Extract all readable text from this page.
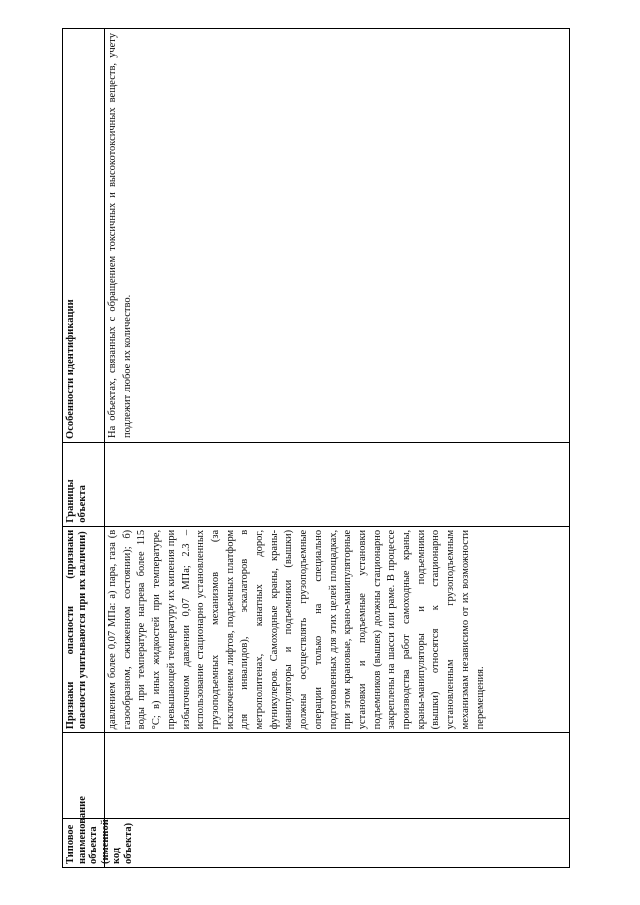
Типовое наименование объекта (именной код объекта)
Признаки опасности (признаки опасности учитываются при их наличии)
Границы объекта
Особенности идентификации
давлением более 0,07 МПа: а) пара, газа (в газообразном, сжиженном состоянии); б) воды при температуре нагрева более 115 °С; в) иных жидкостей при температуре, превышающей температуру их кипения при избыточном давлении 0,07 МПа; 2.3 – использование стационарно установленных грузоподъемных механизмов (за исключением лифтов, подъемных платформ для инвалидов), эскалаторов в метрополитенах, канатных дорог, фуникулеров. Самоходные краны, краны-манипуляторы и подъемники (вышки) должны осуществлять грузоподъемные операции только на специально подготовленных для этих целей площадках, при этом крановые, крано-манипуляторные установки и подъемные установки подъемников (вышек) должны стационарно закреплены на шасси или раме. В процессе производства работ самоходные краны, краны-манипуляторы и подъемники (вышки) относятся к стационарно установленным грузоподъемным механизмам независимо от их возможности перемещения.
На объектах, связанных с обращением токсичных и высокотоксичных веществ, учету подлежит любое их количество.
